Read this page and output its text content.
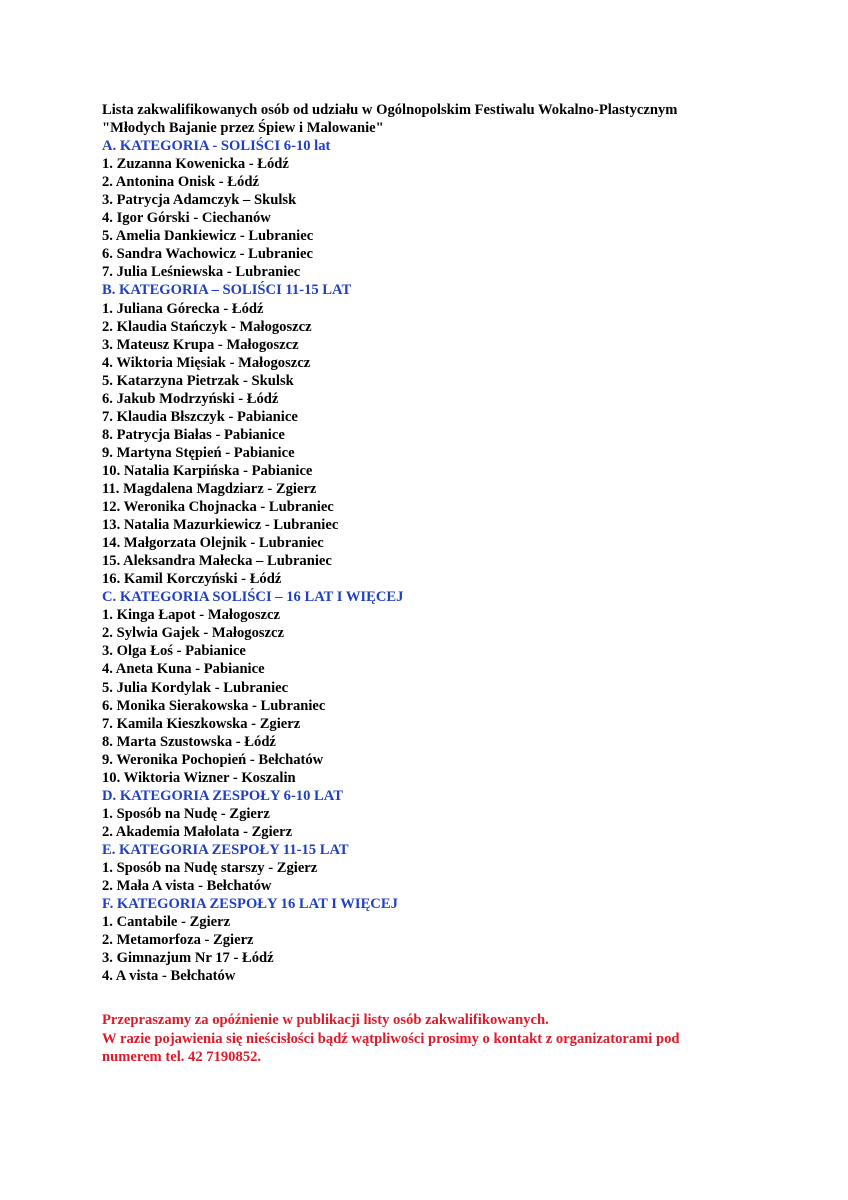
Lista zakwalifikowanych osób od udziału w Ogólnopolskim Festiwalu Wokalno-Plastycznym
"Młodych Bajanie przez Śpiew i Malowanie"
A. KATEGORIA - SOLIŚCI 6-10 lat
1. Zuzanna Kowenicka - Łódź
2. Antonina Onisk - Łódź
3. Patrycja Adamczyk – Skulsk
4. Igor Górski - Ciechanów
5. Amelia Dankiewicz - Lubraniec
6. Sandra Wachowicz - Lubraniec
7. Julia Leśniewska - Lubraniec
B. KATEGORIA – SOLIŚCI 11-15 LAT
1. Juliana Górecka - Łódź
2. Klaudia Stańczyk - Małogoszcz
3. Mateusz Krupa - Małogoszcz
4. Wiktoria Mięsiak - Małogoszcz
5. Katarzyna Pietrzak - Skulsk
6. Jakub Modrzyński - Łódź
7. Klaudia Błszczyk - Pabianice
8. Patrycja Białas - Pabianice
9. Martyna Stępień - Pabianice
10. Natalia Karpińska - Pabianice
11. Magdalena Magdziarz - Zgierz
12. Weronika Chojnacka - Lubraniec
13. Natalia Mazurkiewicz - Lubraniec
14. Małgorzata Olejnik - Lubraniec
15. Aleksandra Małecka – Lubraniec
16. Kamil Korczyński - Łódź
C. KATEGORIA SOLIŚCI – 16 LAT I WIĘCEJ
1. Kinga Łapot - Małogoszcz
2. Sylwia Gajek - Małogoszcz
3. Olga Łoś - Pabianice
4. Aneta Kuna - Pabianice
5. Julia Kordylak - Lubraniec
6. Monika Sierakowska - Lubraniec
7. Kamila Kieszkowska - Zgierz
8. Marta Szustowska - Łódź
9. Weronika Pochopień - Bełchatów
10. Wiktoria Wizner - Koszalin
D. KATEGORIA ZESPOŁY 6-10 LAT
1. Sposób na Nudę - Zgierz
2. Akademia Małolata - Zgierz
E. KATEGORIA ZESPOŁY 11-15 LAT
1. Sposób na Nudę starszy - Zgierz
2. Mała A vista - Bełchatów
F. KATEGORIA ZESPOŁY 16 LAT I WIĘCEJ
1. Cantabile - Zgierz
2. Metamorfoza - Zgierz
3. Gimnazjum Nr 17 - Łódź
4. A vista - Bełchatów
Przepraszamy za opóźnienie w publikacji listy osób zakwalifikowanych.
W razie pojawienia się nieścisłości bądź wątpliwości prosimy o kontakt z organizatorami pod
numerem tel. 42 7190852.
